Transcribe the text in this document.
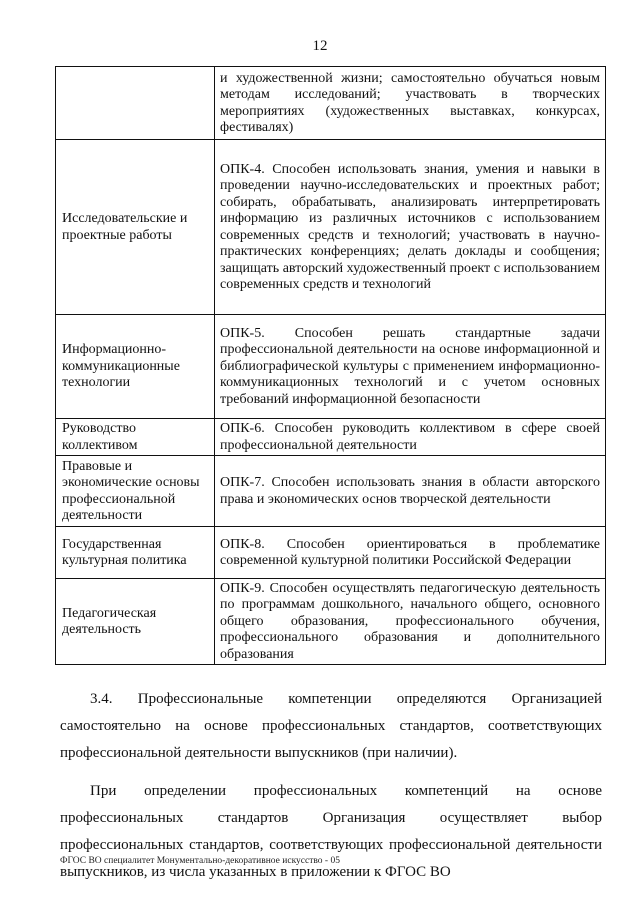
12
	и художественной жизни; самостоятельно обучаться новым методам исследований; участвовать в творческих мероприятиях (художественных выставках, конкурсах, фестивалях)
Исследовательские и проектные работы	ОПК-4. Способен использовать знания, умения и навыки в проведении научно-исследовательских и проектных работ; собирать, обрабатывать, анализировать интерпретировать информацию из различных источников с использованием современных средств и технологий; участвовать в научно-практических конференциях; делать доклады и сообщения; защищать авторский художественный проект с использованием современных средств и технологий
Информационно-коммуникационные технологии	ОПК-5. Способен решать стандартные задачи профессиональной деятельности на основе информационной и библиографической культуры с применением информационно-коммуникационных технологий и с учетом основных требований информационной безопасности
Руководство коллективом	ОПК-6. Способен руководить коллективом в сфере своей профессиональной деятельности
Правовые и экономические основы профессиональной деятельности	ОПК-7. Способен использовать знания в области авторского права и экономических основ творческой деятельности
Государственная культурная политика	ОПК-8. Способен ориентироваться в проблематике современной культурной политики Российской Федерации
Педагогическая деятельность	ОПК-9. Способен осуществлять педагогическую деятельность по программам дошкольного, начального общего, основного общего образования, профессионального обучения, профессионального образования и дополнительного образования

3.4. Профессиональные компетенции определяются Организацией самостоятельно на основе профессиональных стандартов, соответствующих профессиональной деятельности выпускников (при наличии).

При определении профессиональных компетенций на основе профессиональных стандартов Организация осуществляет выбор профессиональных стандартов, соответствующих профессиональной деятельности выпускников, из числа указанных в приложении к ФГОС ВО

ФГОС ВО специалитет Монументально-декоративное искусство - 05
